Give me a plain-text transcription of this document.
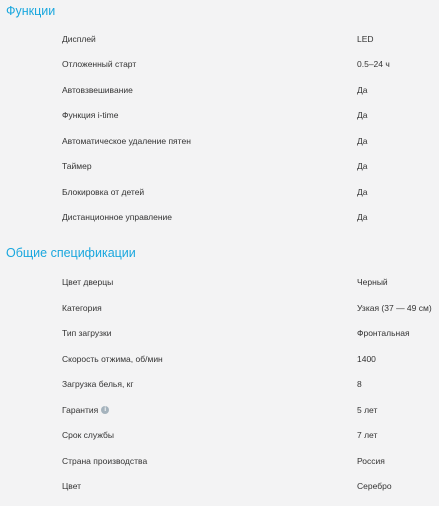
Функции
Дисплей	LED
Отложенный старт	0.5–24 ч
Автовзвешивание	Да
Функция i-time	Да
Автоматическое удаление пятен	Да
Таймер	Да
Блокировка от детей	Да
Дистанционное управление	Да
Общие спецификации
Цвет дверцы	Черный
Категория	Узкая (37 — 49 см)
Тип загрузки	Фронтальная
Скорость отжима, об/мин	1400
Загрузка белья, кг	8
Гарантия	i	5 лет
Срок службы	7 лет
Страна производства	Россия
Цвет	Серебро
